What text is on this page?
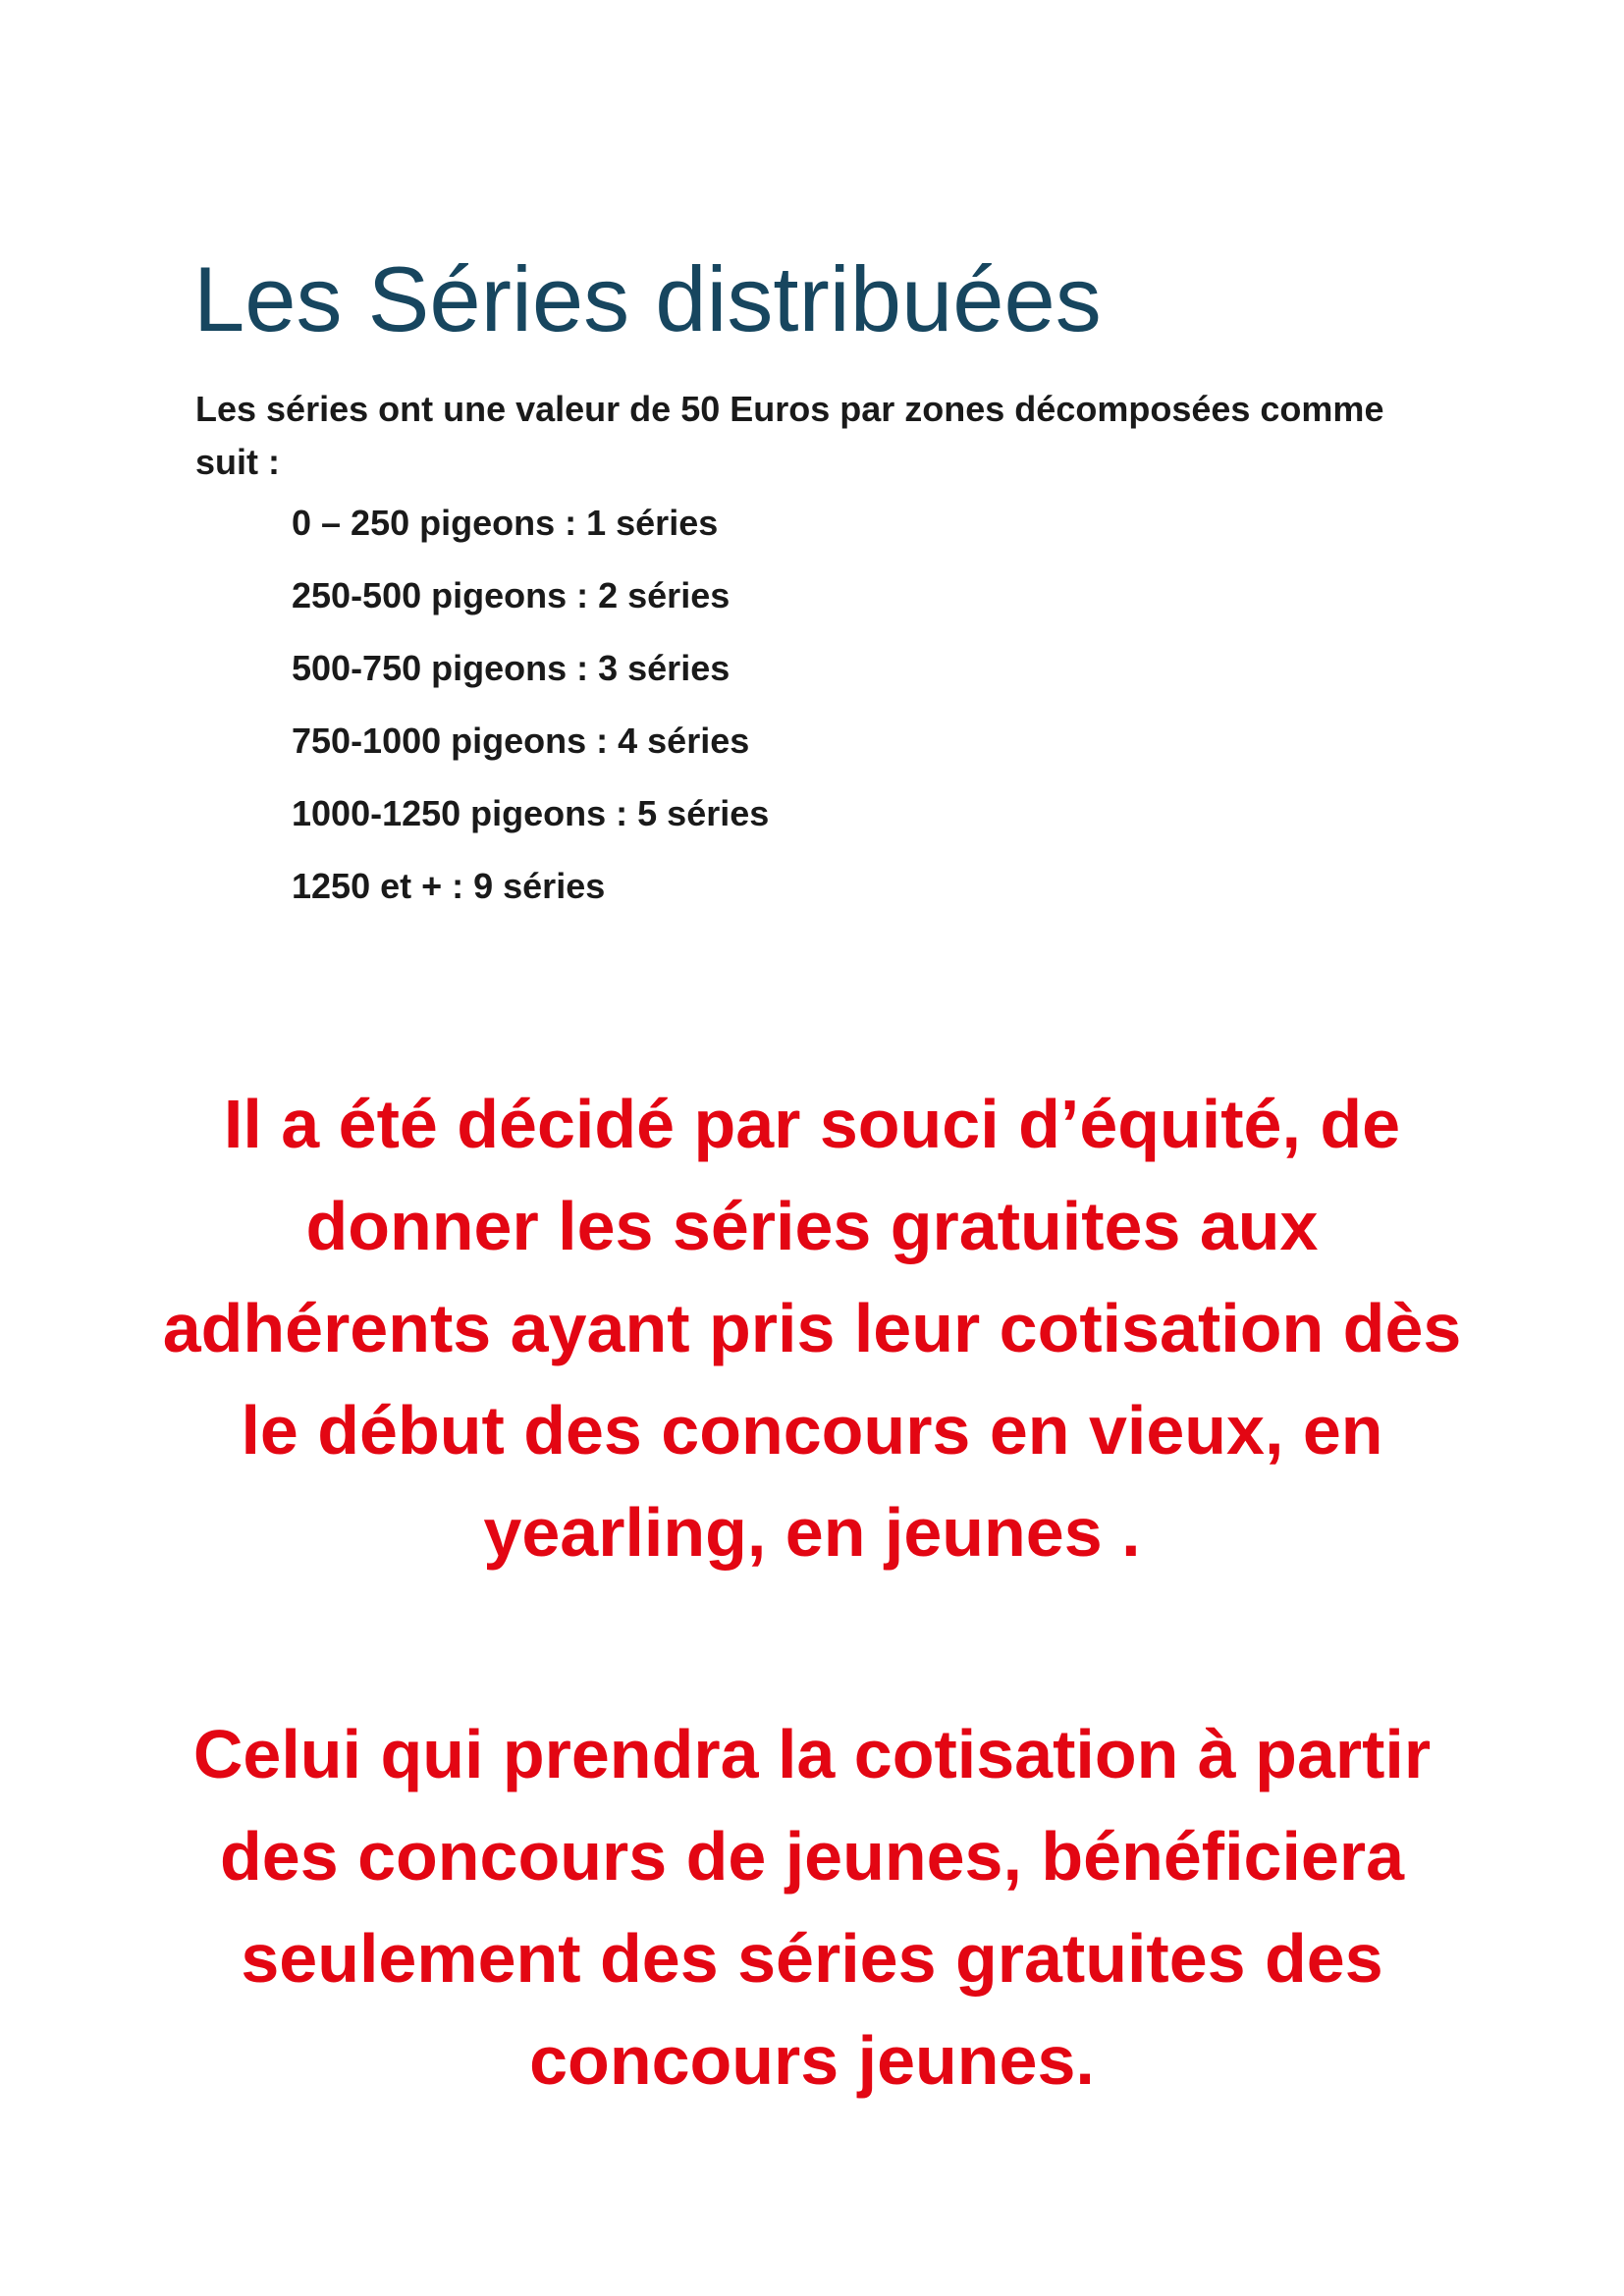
Les Séries distribuées

Les séries ont une valeur de 50 Euros par zones décomposées comme suit :

0 – 250 pigeons : 1 séries
250-500 pigeons : 2 séries
500-750 pigeons : 3 séries
750-1000 pigeons : 4 séries
1000-1250 pigeons : 5 séries
1250 et + : 9 séries

Il a été décidé par souci d’équité, de donner les séries gratuites aux adhérents ayant pris leur cotisation dès le début des concours en vieux, en yearling, en jeunes .

Celui qui prendra la cotisation à partir des concours de jeunes, bénéficiera seulement des séries gratuites des concours jeunes.
